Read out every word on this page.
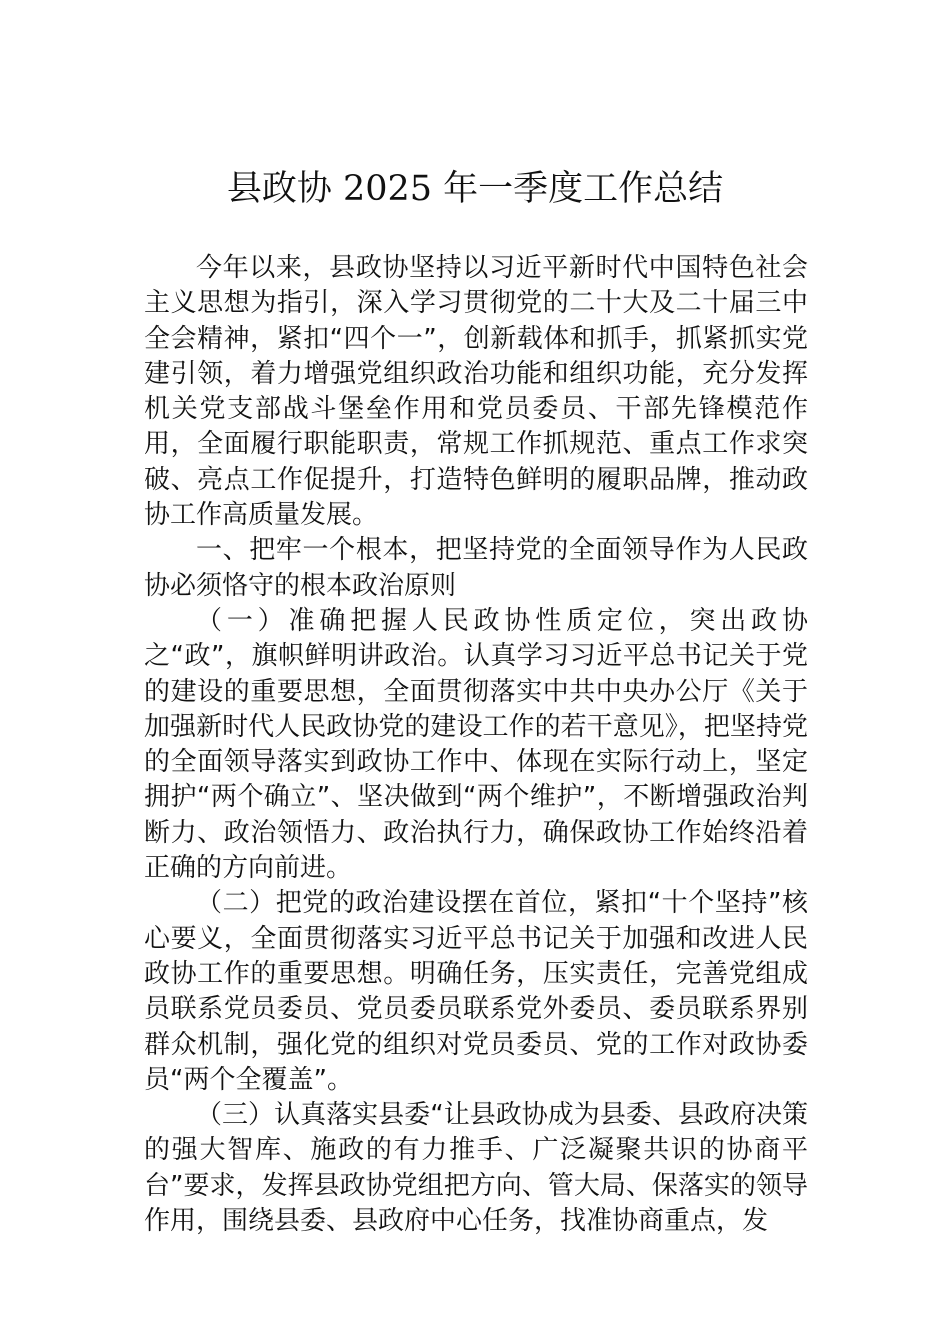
县政协 2025 年一季度工作总结

今年以来，县政协坚持以习近平新时代中国特色社会主义思想为指引，深入学习贯彻党的二十大及二十届三中全会精神，紧扣“四个一”，创新载体和抓手，抓紧抓实党建引领，着力增强党组织政治功能和组织功能，充分发挥机关党支部战斗堡垒作用和党员委员、干部先锋模范作用，全面履行职能职责，常规工作抓规范、重点工作求突破、亮点工作促提升，打造特色鲜明的履职品牌，推动政协工作高质量发展。

一、把牢一个根本，把坚持党的全面领导作为人民政协必须恪守的根本政治原则

（一）准确把握人民政协性质定位，突出政协之“政”，旗帜鲜明讲政治。认真学习习近平总书记关于党的建设的重要思想，全面贯彻落实中共中央办公厅《关于加强新时代人民政协党的建设工作的若干意见》，把坚持党的全面领导落实到政协工作中、体现在实际行动上，坚定拥护“两个确立”、坚决做到“两个维护”，不断增强政治判断力、政治领悟力、政治执行力，确保政协工作始终沿着正确的方向前进。

（二）把党的政治建设摆在首位，紧扣“十个坚持”核心要义，全面贯彻落实习近平总书记关于加强和改进人民政协工作的重要思想。明确任务，压实责任，完善党组成员联系党员委员、党员委员联系党外委员、委员联系界别群众机制，强化党的组织对党员委员、党的工作对政协委员“两个全覆盖”。

（三）认真落实县委“让县政协成为县委、县政府决策的强大智库、施政的有力推手、广泛凝聚共识的协商平台”要求，发挥县政协党组把方向、管大局、保落实的领导作用，围绕县委、县政府中心任务，找准协商重点，发
